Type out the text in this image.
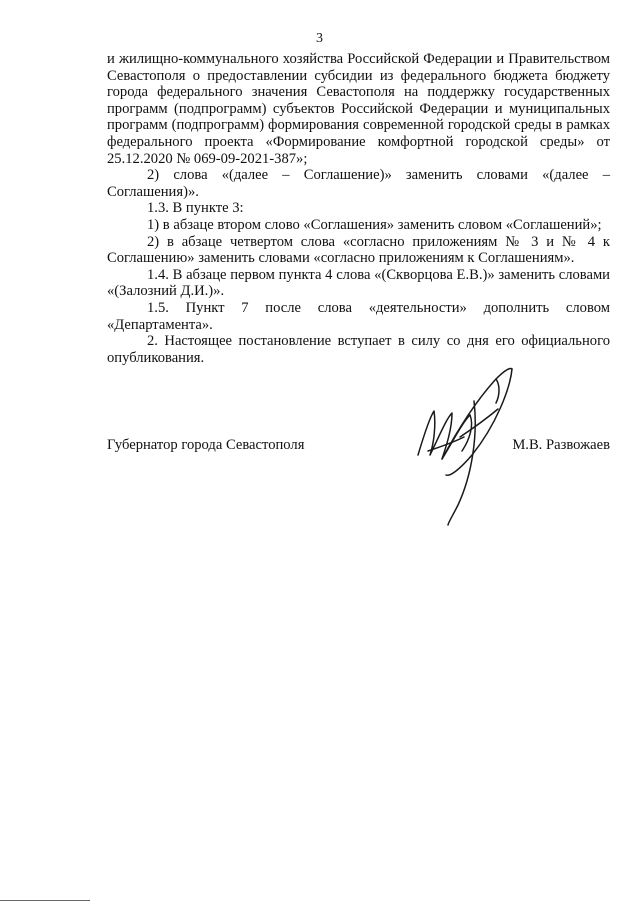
3

и жилищно-коммунального хозяйства Российской Федерации и Правительством Севастополя о предоставлении субсидии из федерального бюджета бюджету города федерального значения Севастополя на поддержку государственных программ (подпрограмм) субъектов Российской Федерации и муниципальных программ (подпрограмм) формирования современной городской среды в рамках федерального проекта «Формирование комфортной городской среды» от 25.12.2020 № 069-09-2021-387»;

2) слова «(далее – Соглашение)» заменить словами «(далее – Соглашения)».

1.3. В пункте 3:

1) в абзаце втором слово «Соглашения» заменить словом «Соглашений»;

2) в абзаце четвертом слова «согласно приложениям № 3 и № 4 к Соглашению» заменить словами «согласно приложениям к Соглашениям».

1.4. В абзаце первом пункта 4 слова «(Скворцова Е.В.)» заменить словами «(Залозний Д.И.)».

1.5. Пункт 7 после слова «деятельности» дополнить словом «Департамента».

2. Настоящее постановление вступает в силу со дня его официального опубликования.

Губернатор города Севастополя	М.В. Развожаев
